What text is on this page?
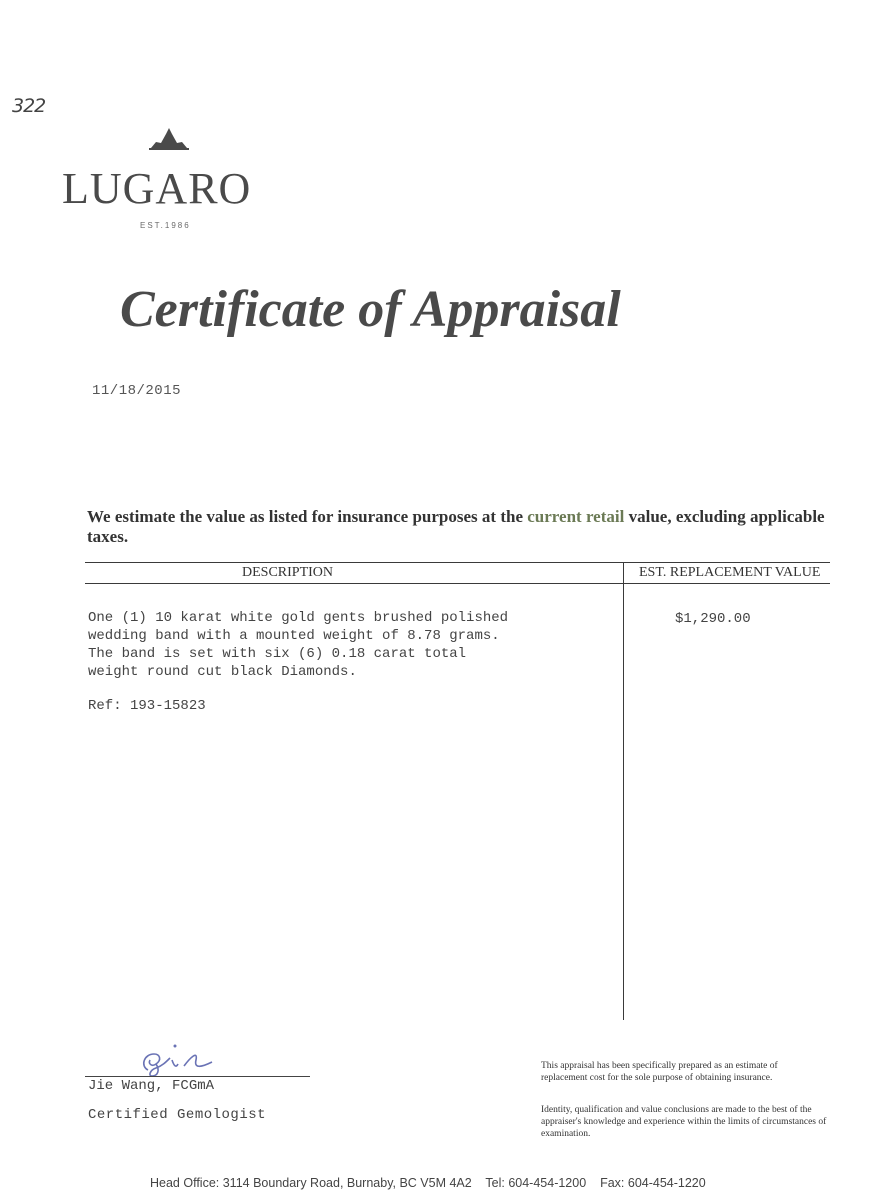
322
LUGARO
EST.1986
Certificate of Appraisal
11/18/2015
We estimate the value as listed for insurance purposes at the current retail value, excluding applicable taxes.
DESCRIPTION	EST. REPLACEMENT VALUE
One (1) 10 karat white gold gents brushed polished
wedding band with a mounted weight of 8.78 grams.
The band is set with six (6) 0.18 carat total
weight round cut black Diamonds.
Ref: 193-15823
$1,290.00
Jie Wang, FCGmA
Certified Gemologist
This appraisal has been specifically prepared as an estimate of replacement cost for the sole purpose of obtaining insurance.
Identity, qualification and value conclusions are made to the best of the appraiser's knowledge and experience within the limits of circumstances of examination.
Head Office: 3114 Boundary Road, Burnaby, BC V5M 4A2 Tel: 604-454-1200 Fax: 604-454-1220
